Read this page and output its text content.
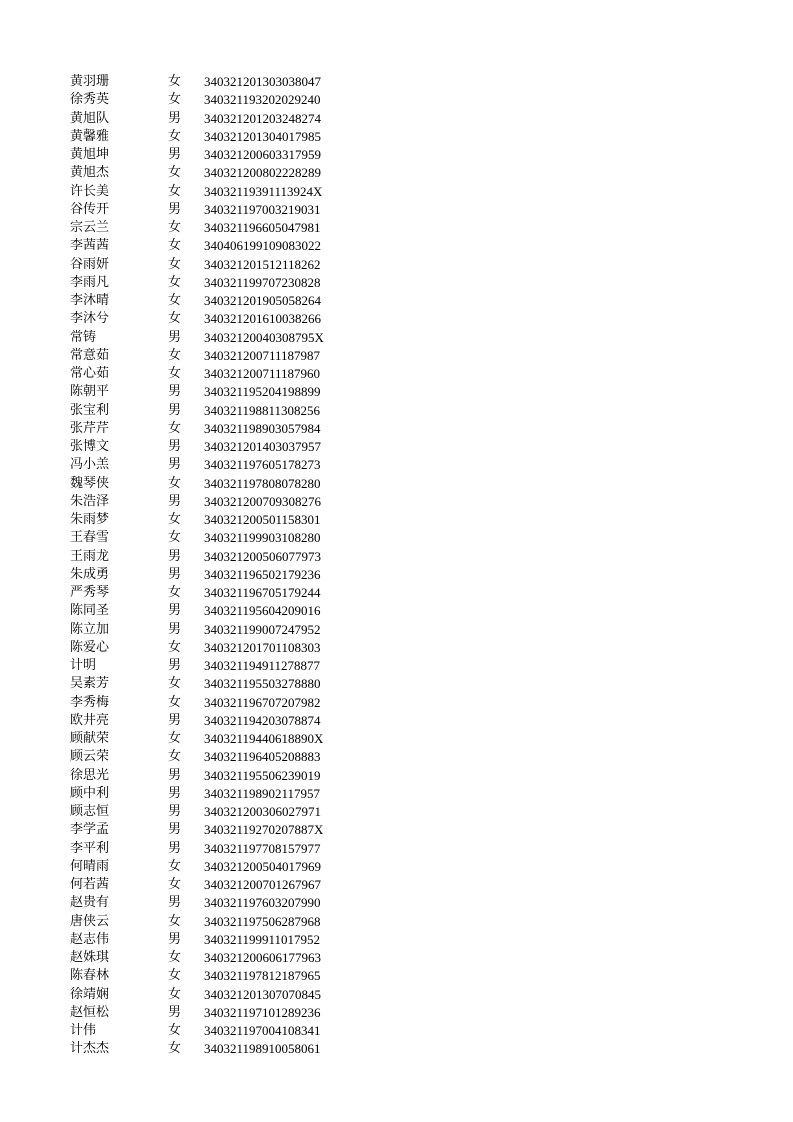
黄羽珊	女	340321201303038047
徐秀英	女	340321193202029240
黄旭队	男	340321201203248274
黄馨雅	女	340321201304017985
黄旭坤	男	340321200603317959
黄旭杰	女	340321200802228289
许长美	女	34032119391113924X
谷传开	男	340321197003219031
宗云兰	女	340321196605047981
李茜茜	女	340406199109083022
谷雨妍	女	340321201512118262
李雨凡	女	340321199707230828
李沐晴	女	340321201905058264
李沐兮	女	340321201610038266
常铸	男	34032120040308795X
常意茹	女	340321200711187987
常心茹	女	340321200711187960
陈朝平	男	340321195204198899
张宝利	男	340321198811308256
张芹芹	女	340321198903057984
张博文	男	340321201403037957
冯小羔	男	340321197605178273
魏琴侠	女	340321197808078280
朱浩泽	男	340321200709308276
朱雨梦	女	340321200501158301
王春雪	女	340321199903108280
王雨龙	男	340321200506077973
朱成勇	男	340321196502179236
严秀琴	女	340321196705179244
陈同圣	男	340321195604209016
陈立加	男	340321199007247952
陈爱心	女	340321201701108303
计明	男	340321194911278877
吴素芳	女	340321195503278880
李秀梅	女	340321196707207982
欧井亮	男	340321194203078874
顾献荣	女	34032119440618890X
顾云荣	女	340321196405208883
徐思光	男	340321195506239019
顾中利	男	340321198902117957
顾志恒	男	340321200306027971
李学孟	男	34032119270207887X
李平利	男	340321197708157977
何晴雨	女	340321200504017969
何若茜	女	340321200701267967
赵贵有	男	340321197603207990
唐侠云	女	340321197506287968
赵志伟	男	340321199911017952
赵姝琪	女	340321200606177963
陈春林	女	340321197812187965
徐靖娴	女	340321201307070845
赵恒松	男	340321197101289236
计伟	女	340321197004108341
计杰杰	女	340321198910058061
